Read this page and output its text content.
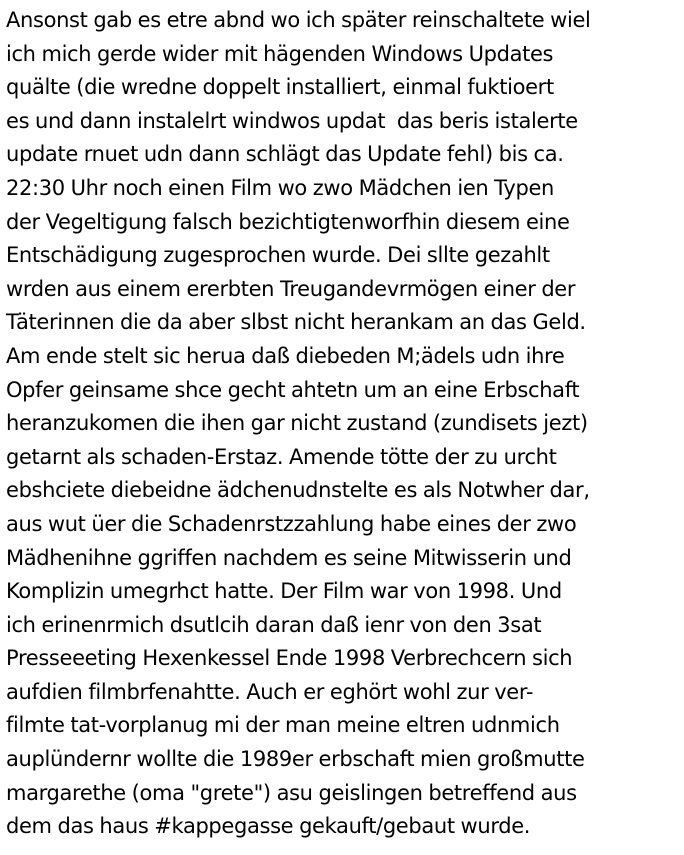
Ansonst gab es etre abnd wo ich später reinschaltete wiel
ich mich gerde wider mit hägenden Windows Updates
quälte (die wredne doppelt installiert, einmal fuktioert
es und dann instalelrt windwos updat  das beris istalerte
update rnuet udn dann schlägt das Update fehl) bis ca.
22:30 Uhr noch einen Film wo zwo Mädchen ien Typen
der Vegeltigung falsch bezichtigtenworfhin diesem eine
Entschädigung zugesprochen wurde. Dei sllte gezahlt
wrden aus einem ererbten Treugandevrmögen einer der
Täterinnen die da aber slbst nicht herankam an das Geld.
Am ende stelt sic herua daß diebeden M;ädels udn ihre
Opfer geinsame shce gecht ahtetn um an eine Erbschaft
heranzukomen die ihen gar nicht zustand (zundisets jezt)
getarnt als schaden-Erstaz. Amende tötte der zu urcht
ebshciete diebeidne ädchenudnstelte es als Notwher dar,
aus wut üer die Schadenrstzzahlung habe eines der zwo
Mädhenihne ggriffen nachdem es seine Mitwisserin und
Komplizin umegrhct hatte. Der Film war von 1998. Und
ich erinenrmich dsutlcih daran daß ienr von den 3sat
Presseeeting Hexenkessel Ende 1998 Verbrechcern sich
aufdien filmbrfenahtte. Auch er eghört wohl zur ver-
filmte tat-vorplanug mi der man meine eltren udnmich
auplündernr wollte die 1989er erbschaft mien großmutte
margarethe (oma "grete") asu geislingen betreffend aus
dem das haus #kappegasse gekauft/gebaut wurde.
